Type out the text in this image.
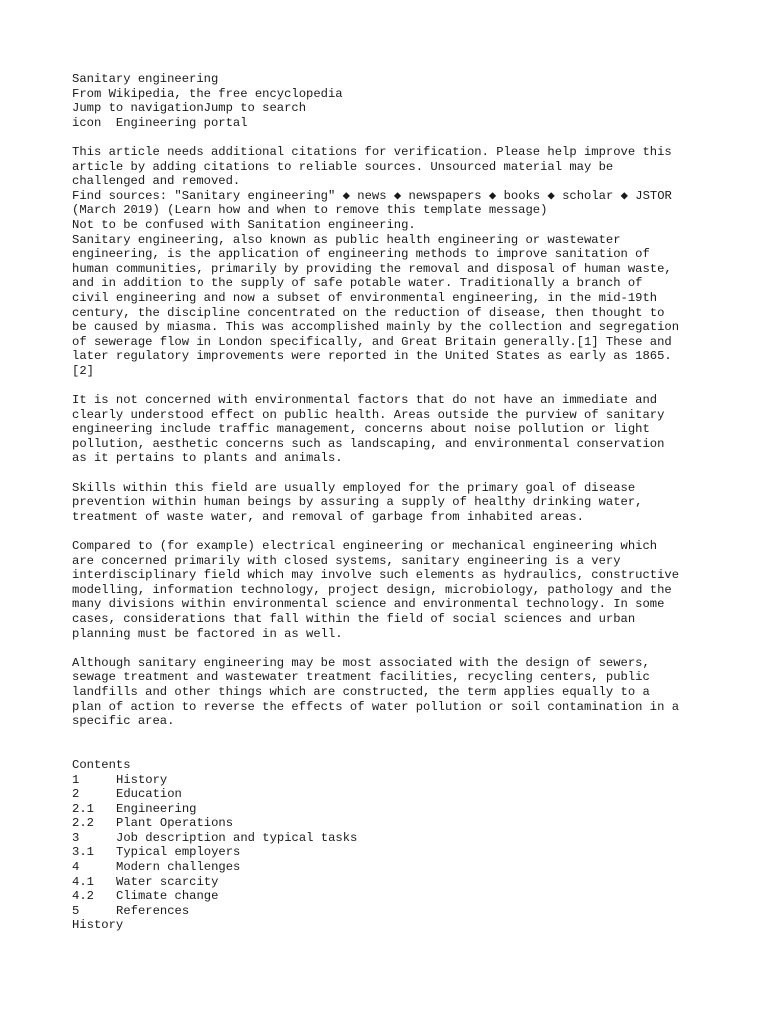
Sanitary engineering
From Wikipedia, the free encyclopedia
Jump to navigationJump to search
icon  Engineering portal
This article needs additional citations for verification. Please help improve this
article by adding citations to reliable sources. Unsourced material may be
challenged and removed.
Find sources: "Sanitary engineering" ◆ news ◆ newspapers ◆ books ◆ scholar ◆ JSTOR
(March 2019) (Learn how and when to remove this template message)
Not to be confused with Sanitation engineering.
Sanitary engineering, also known as public health engineering or wastewater
engineering, is the application of engineering methods to improve sanitation of
human communities, primarily by providing the removal and disposal of human waste,
and in addition to the supply of safe potable water. Traditionally a branch of
civil engineering and now a subset of environmental engineering, in the mid-19th
century, the discipline concentrated on the reduction of disease, then thought to
be caused by miasma. This was accomplished mainly by the collection and segregation
of sewerage flow in London specifically, and Great Britain generally.[1] These and
later regulatory improvements were reported in the United States as early as 1865.
[2]
It is not concerned with environmental factors that do not have an immediate and
clearly understood effect on public health. Areas outside the purview of sanitary
engineering include traffic management, concerns about noise pollution or light
pollution, aesthetic concerns such as landscaping, and environmental conservation
as it pertains to plants and animals.
Skills within this field are usually employed for the primary goal of disease
prevention within human beings by assuring a supply of healthy drinking water,
treatment of waste water, and removal of garbage from inhabited areas.
Compared to (for example) electrical engineering or mechanical engineering which
are concerned primarily with closed systems, sanitary engineering is a very
interdisciplinary field which may involve such elements as hydraulics, constructive
modelling, information technology, project design, microbiology, pathology and the
many divisions within environmental science and environmental technology. In some
cases, considerations that fall within the field of social sciences and urban
planning must be factored in as well.
Although sanitary engineering may be most associated with the design of sewers,
sewage treatment and wastewater treatment facilities, recycling centers, public
landfills and other things which are constructed, the term applies equally to a
plan of action to reverse the effects of water pollution or soil contamination in a
specific area.
Contents
1	History
2	Education
2.1 Engineering
2.2 Plant Operations
3	Job description and typical tasks
3.1 Typical employers
4	Modern challenges
4.1 Water scarcity
4.2 Climate change
5	References
History
